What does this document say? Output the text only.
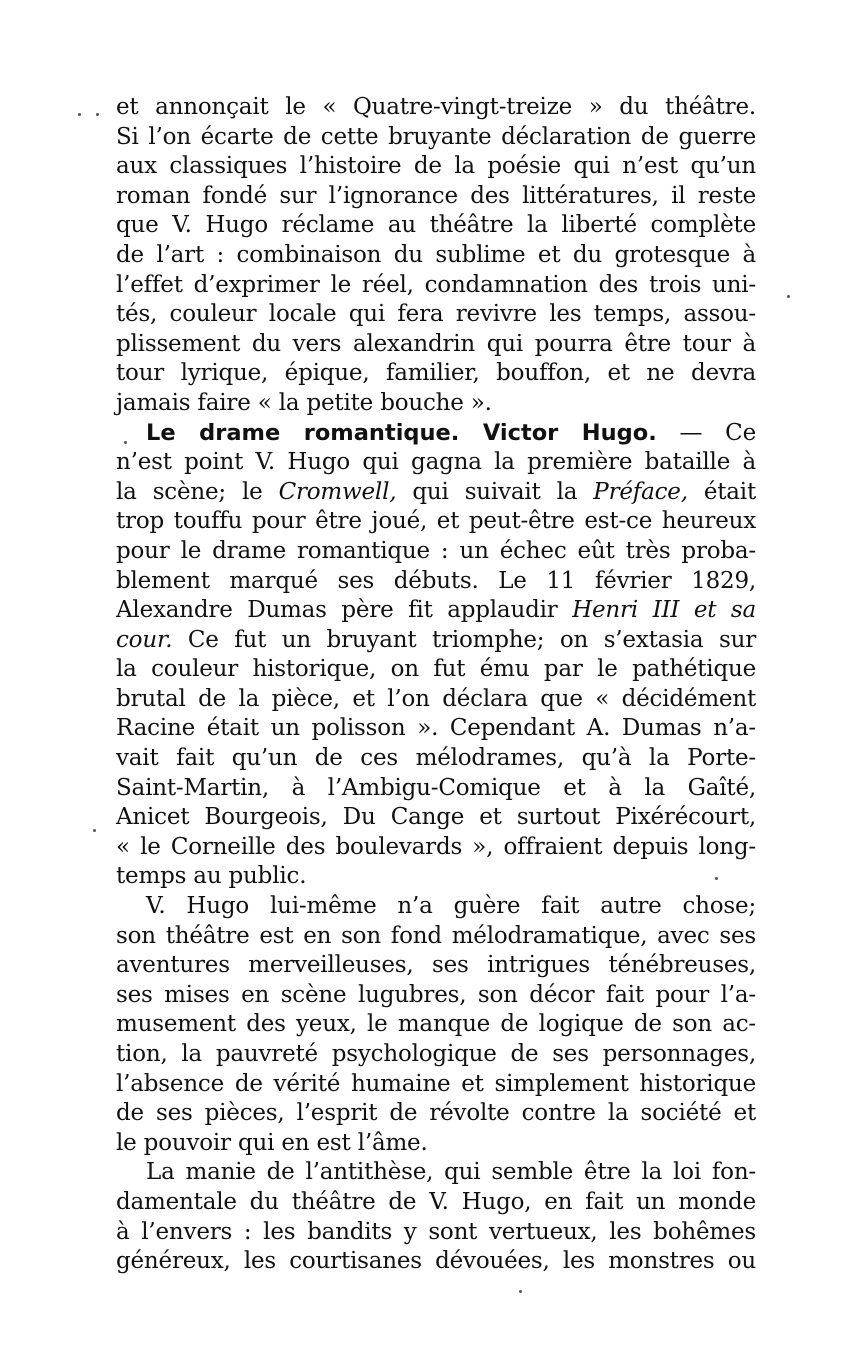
et annonçait le « Quatre-vingt-treize » du théâtre.
Si l’on écarte de cette bruyante déclaration de guerre
aux classiques l’histoire de la poésie qui n’est qu’un
roman fondé sur l’ignorance des littératures, il reste
que V. Hugo réclame au théâtre la liberté complète
de l’art : combinaison du sublime et du grotesque à
l’effet d’exprimer le réel, condamnation des trois uni-
tés, couleur locale qui fera revivre les temps, assou-
plissement du vers alexandrin qui pourra être tour à
tour lyrique, épique, familier, bouffon, et ne devra
jamais faire « la petite bouche ».
Le drame romantique. Victor Hugo. — Ce
n’est point V. Hugo qui gagna la première bataille à
la scène; le Cromwell, qui suivait la Préface, était
trop touffu pour être joué, et peut-être est-ce heureux
pour le drame romantique : un échec eût très proba-
blement marqué ses débuts. Le 11 février 1829,
Alexandre Dumas père fit applaudir Henri III et sa
cour. Ce fut un bruyant triomphe; on s’extasia sur
la couleur historique, on fut ému par le pathétique
brutal de la pièce, et l’on déclara que « décidément
Racine était un polisson ». Cependant A. Dumas n’a-
vait fait qu’un de ces mélodrames, qu’à la Porte-
Saint-Martin, à l’Ambigu-Comique et à la Gaîté,
Anicet Bourgeois, Du Cange et surtout Pixérécourt,
« le Corneille des boulevards », offraient depuis long-
temps au public.
V. Hugo lui-même n’a guère fait autre chose;
son théâtre est en son fond mélodramatique, avec ses
aventures merveilleuses, ses intrigues ténébreuses,
ses mises en scène lugubres, son décor fait pour l’a-
musement des yeux, le manque de logique de son ac-
tion, la pauvreté psychologique de ses personnages,
l’absence de vérité humaine et simplement historique
de ses pièces, l’esprit de révolte contre la société et
le pouvoir qui en est l’âme.
La manie de l’antithèse, qui semble être la loi fon-
damentale du théâtre de V. Hugo, en fait un monde
à l’envers : les bandits y sont vertueux, les bohêmes
généreux, les courtisanes dévouées, les monstres ou
